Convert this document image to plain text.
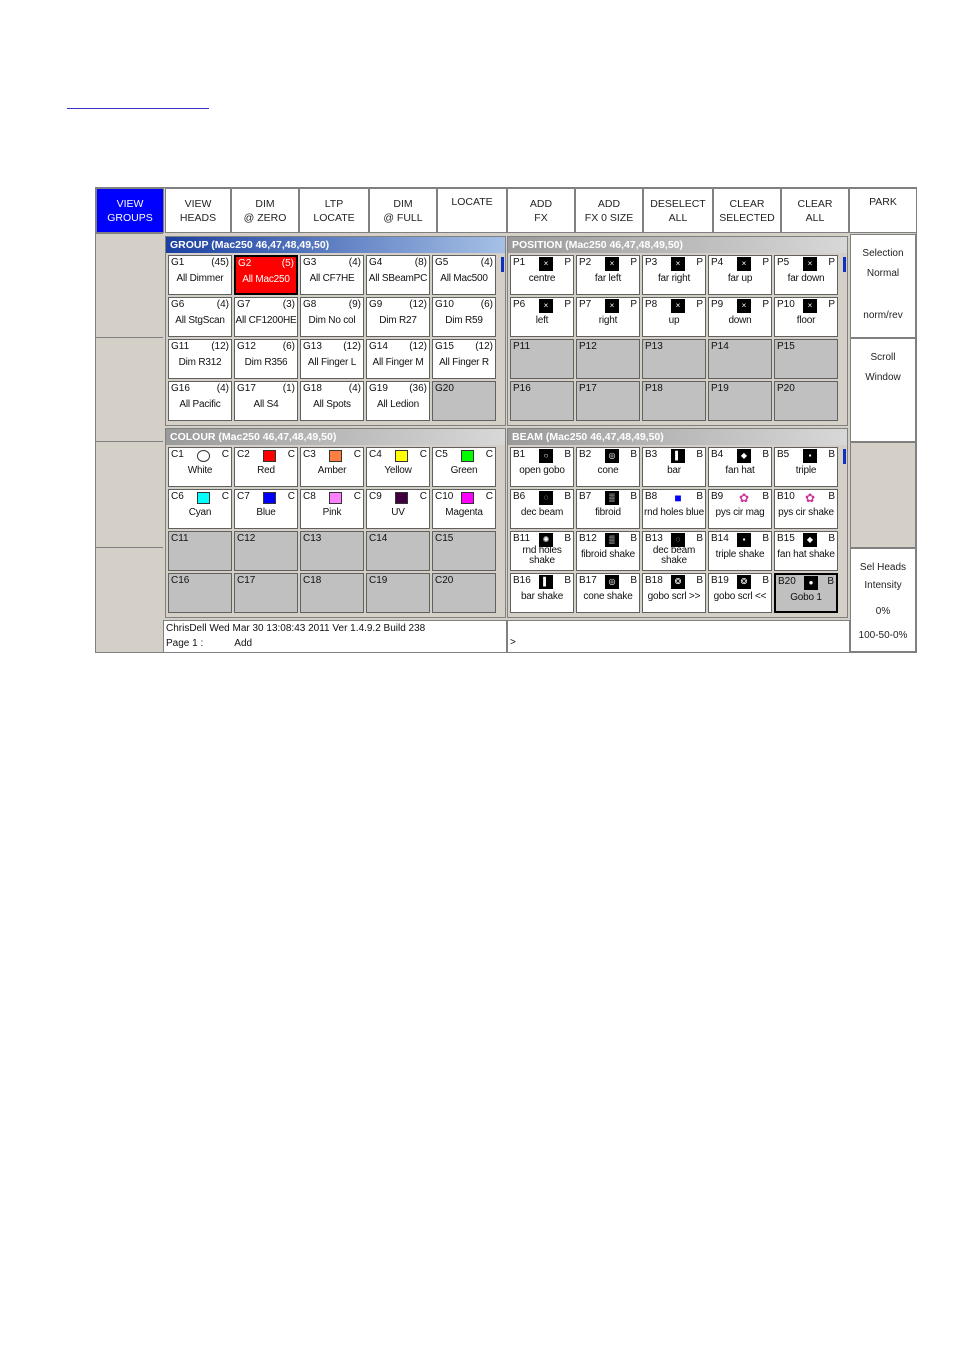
VIEW
GROUPS
VIEW
HEADS
DIM
@ ZERO
LTP
LOCATE
DIM
@ FULL
LOCATE	ADD
FX
ADD
FX 0 SIZE
DESELECT
ALL
CLEAR
SELECTED
CLEAR
ALL
PARK
GROUP (Mac250 46,47,48,49,50)
G1	(45)
All Dimmer
G2	(5)
All Mac250
G3	(4)
All CF7HE
G4	(8)
All SBeamPC
G5	(4)
All Mac500
G6	(4)
All StgScan
G7	(3)
All CF1200HE
G8	(9)
Dim No col
G9	(12)
Dim R27
G10	(6)
Dim R59
G11 (12)
Dim R312
G12	(6)
Dim R356
G13 (12)
All Finger L
G14 (12)
All Finger M
G15 (12)
All Finger R
G16	(4)
All Pacific
G17	(1)
All S4
G18	(4)
All Spots
G19 (36)
All Ledion
G20
COLOUR (Mac250 46,47,48,49,50)
C1	C
White
C2	C
Red
C3	C
Amber
C4	C
Yellow
C5	C
Green
C6	C
Cyan
C7	C
Blue
C8	C
Pink
C9	C
UV
C10	C
Magenta
C11	C12	C13	C14	C15
C16	C17	C18	C19	C20
POSITION (Mac250 46,47,48,49,50)
P1	P
×
centre
P2	P
×
far left
P3	P
×
far right
P4	P
×
far up
P5	P
×
far down
P6	P
×
left
P7	P
×
right
P8	P
×
up
P9	P
×
down
P10	P
×
floor
P11	P12	P13	P14	P15
P16	P17	P18	P19	P20
BEAM (Mac250 46,47,48,49,50)
B1	B
○
open gobo
B2	B
◎
cone
B3	B
▌
bar
B4	B
◆
fan hat
B5	B
▪
triple
B6	B
◌
dec beam
B7	B
▒
fibroid
B8	B
■
rnd holes blue
B9	B
✿
pys cir mag
B10	B
✿
pys cir shake
B11	B
✺
rnd holes shake
B12	B
▒
fibroid shake
B13	B
◌
dec beam shake
B14	B
▪
triple shake
B15	B
◆
fan hat shake
B16	B
▌
bar shake
B17	B
◎
cone shake
B18	B
❂
gobo scrl >>
B19	B
❂
gobo scrl <<
B20	B
●
Gobo 1
Selection
Normal
norm/rev
Scroll
Window
Sel Heads
Intensity
0%
100-50-0%
ChrisDell Wed Mar 30 13:08:43 2011 Ver 1.4.9.2 Build 238
Page 1 :	Add	>
